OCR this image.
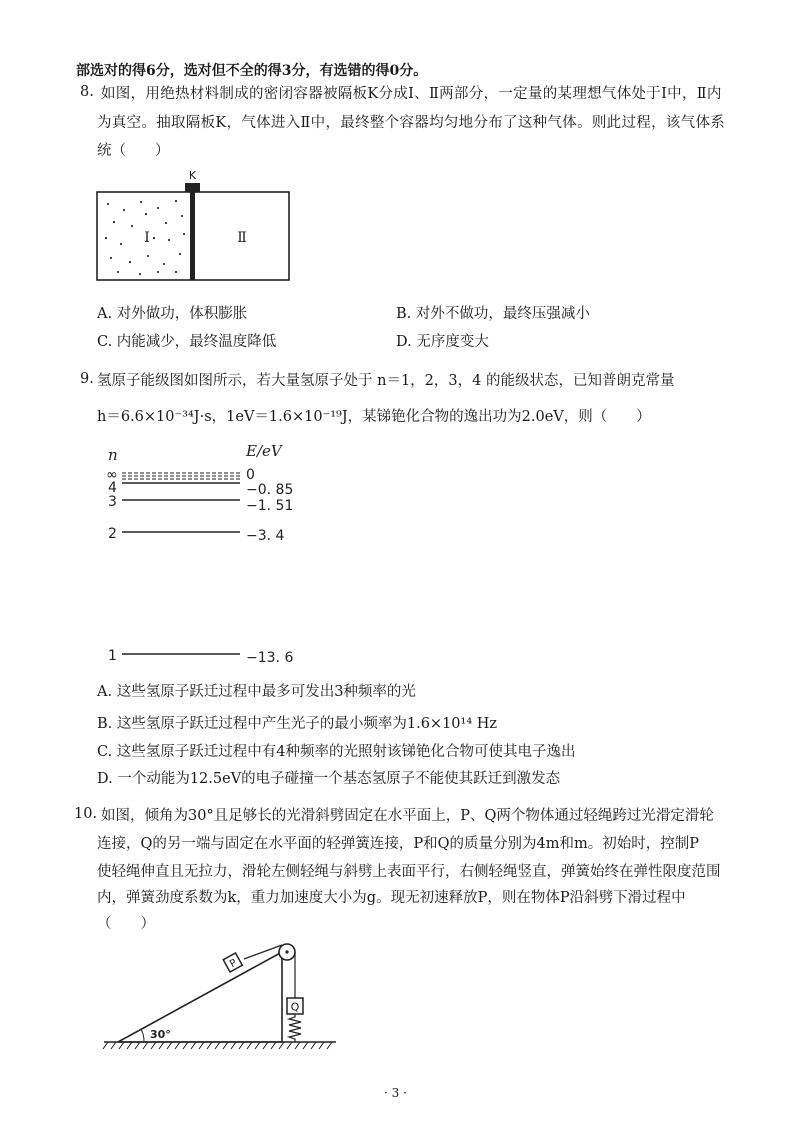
部选对的得6分，选对但不全的得3分，有选错的得0分。
8. 如图，用绝热材料制成的密闭容器被隔板K分成Ⅰ、Ⅱ两部分，一定量的某理想气体处于Ⅰ中，Ⅱ内
为真空。抽取隔板K，气体进入Ⅱ中，最终整个容器均匀地分布了这种气体。则此过程，该气体系
统（　　）
K
Ⅰ	Ⅱ
A. 对外做功，体积膨胀	B. 对外不做功，最终压强减小
C. 内能减少，最终温度降低	D. 无序度变大
9. 氢原子能级图如图所示，若大量氢原子处于 n＝1，2，3，4 的能级状态，已知普朗克常量
h＝6.6×10⁻³⁴J·s，1eV＝1.6×10⁻¹⁹J，某锑铯化合物的逸出功为2.0eV，则（　　）
n	E/eV
∞	0
4	−0. 85
3	−1. 51
2	−3. 4
1	−13. 6
A. 这些氢原子跃迁过程中最多可发出3种频率的光
B. 这些氢原子跃迁过程中产生光子的最小频率为1.6×10¹⁴ Hz
C. 这些氢原子跃迁过程中有4种频率的光照射该锑铯化合物可使其电子逸出
D. 一个动能为12.5eV的电子碰撞一个基态氢原子不能使其跃迁到激发态
10. 如图，倾角为30°且足够长的光滑斜劈固定在水平面上，P、Q两个物体通过轻绳跨过光滑定滑轮
连接，Q的另一端与固定在水平面的轻弹簧连接，P和Q的质量分别为4m和m。初始时，控制P
使轻绳伸直且无拉力，滑轮左侧轻绳与斜劈上表面平行，右侧轻绳竖直，弹簧始终在弹性限度范围
内，弹簧劲度系数为k，重力加速度大小为g。现无初速释放P，则在物体P沿斜劈下滑过程中
（　　）
30°
P
Q
· 3 ·
